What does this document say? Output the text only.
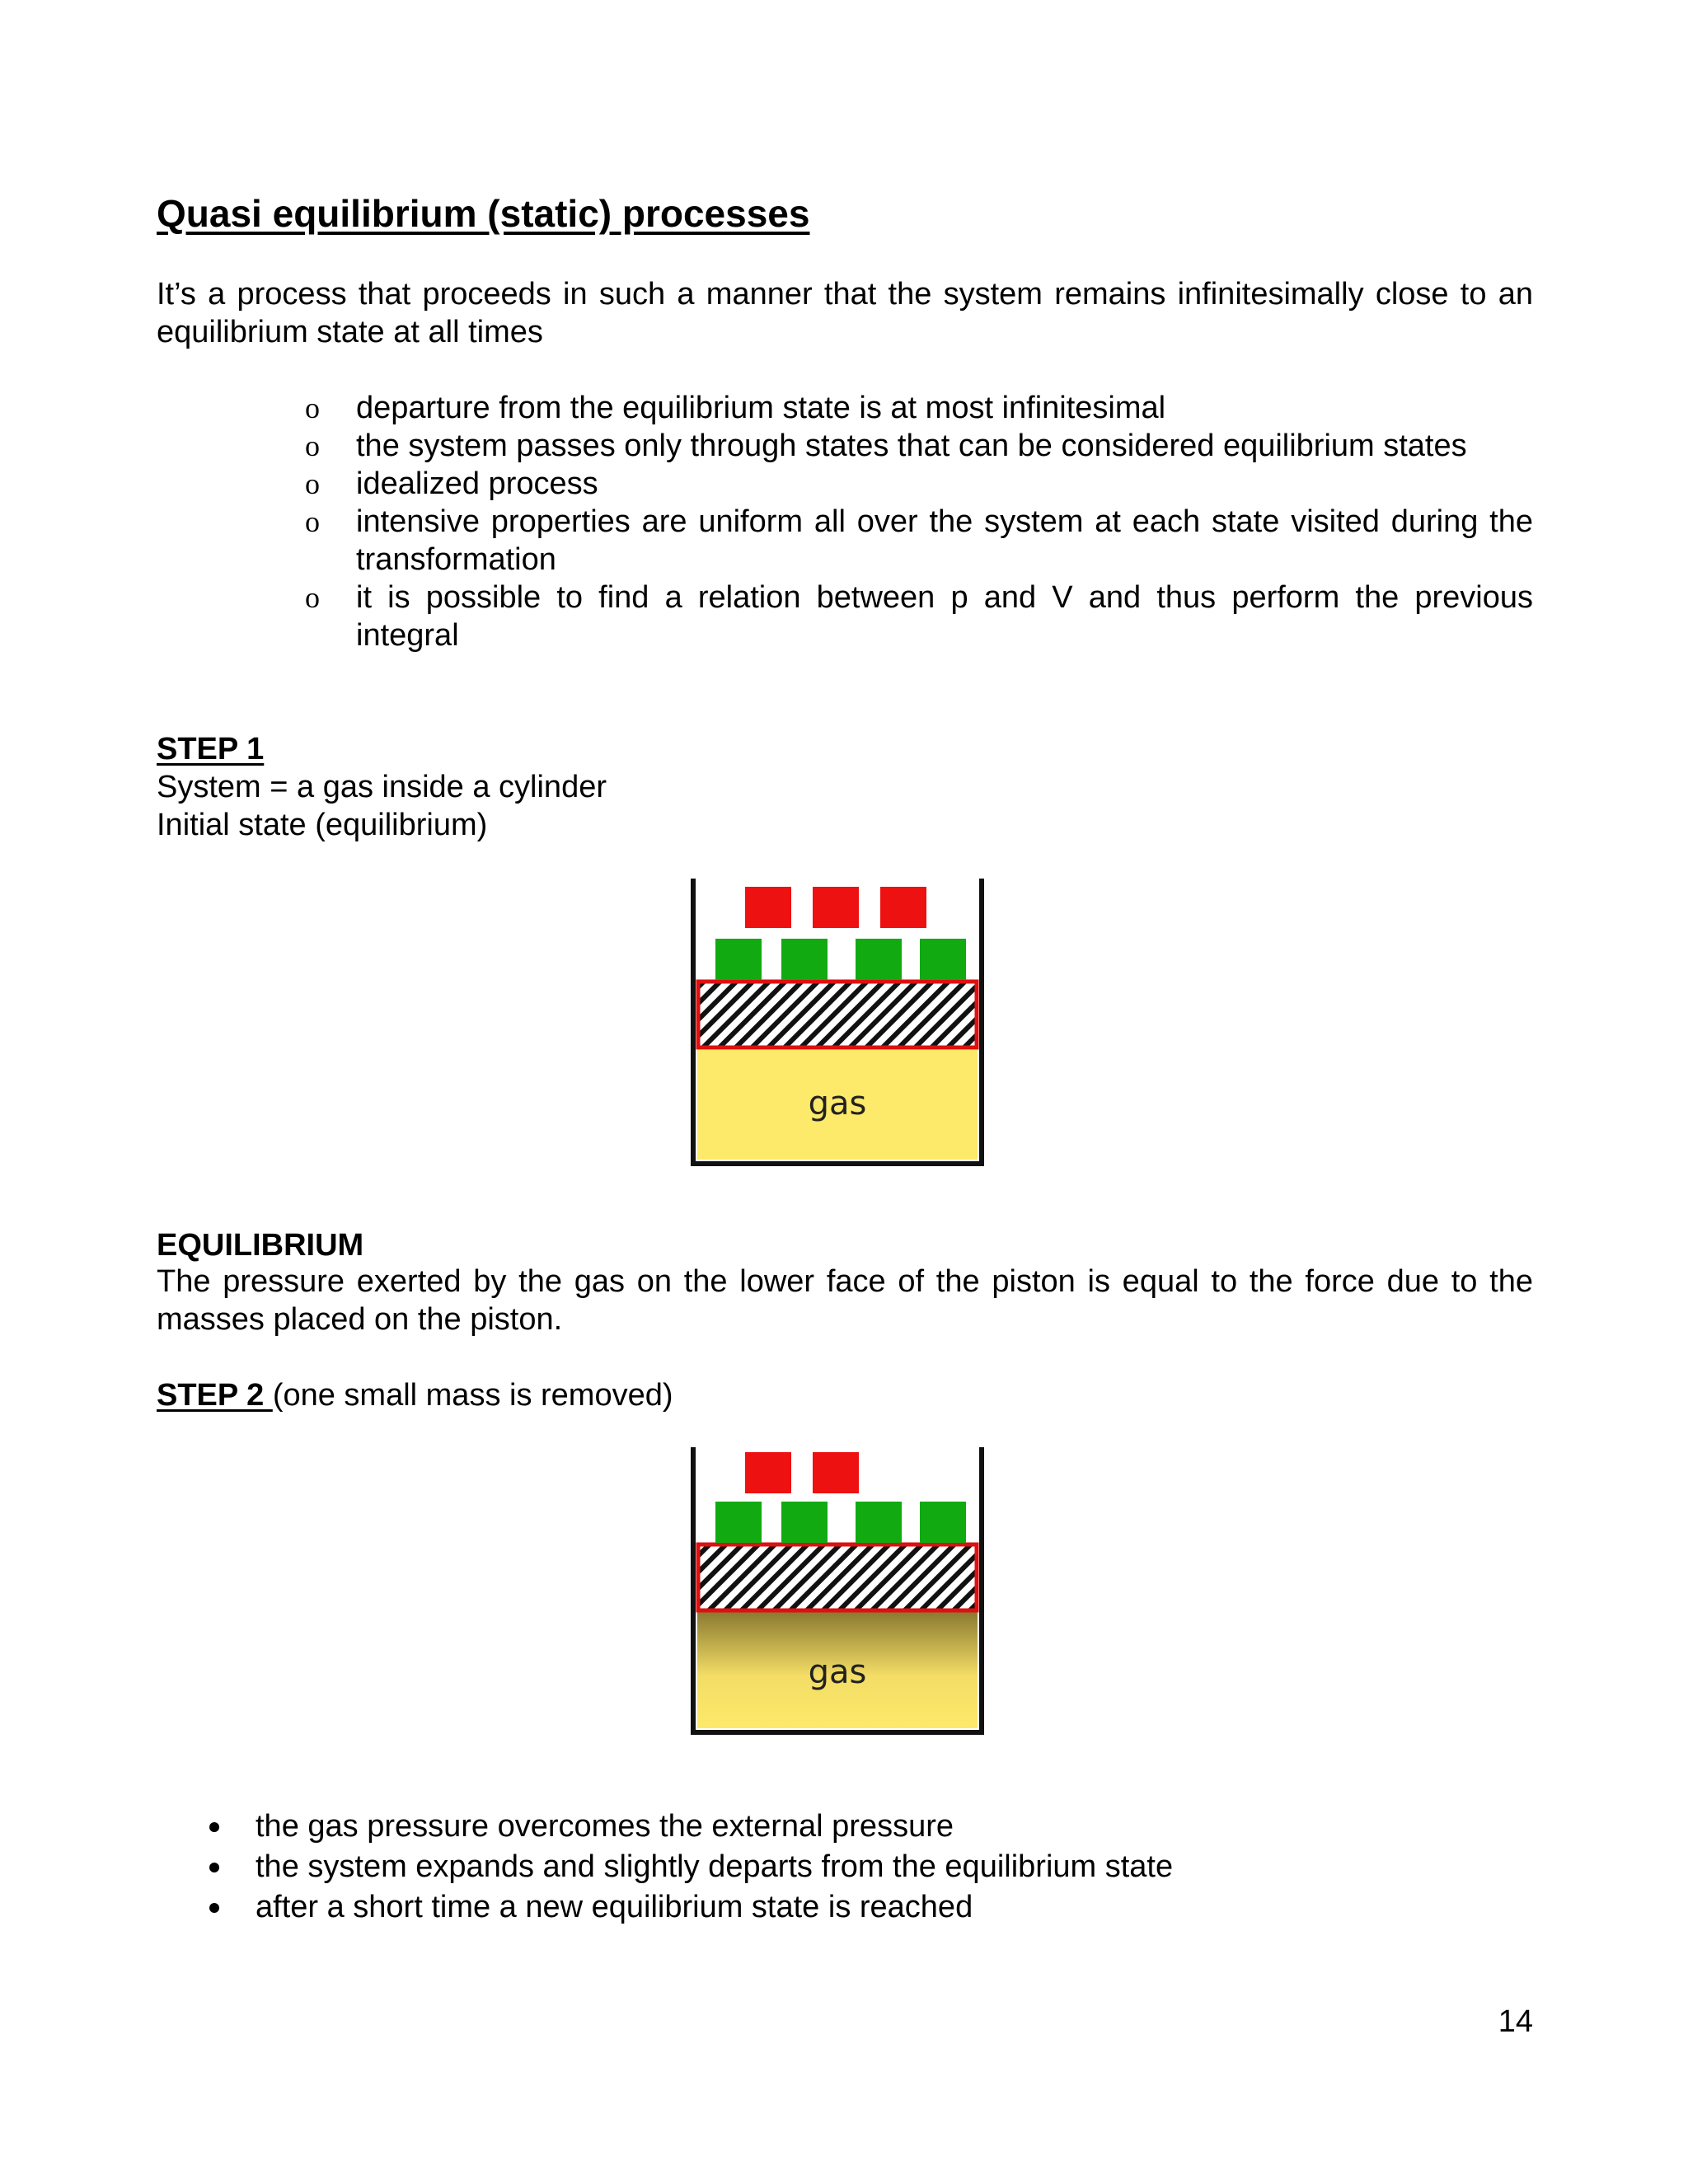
Quasi equilibrium (static) processes

It’s a process that proceeds in such a manner that the system remains infinitesimally close to an equilibrium state at all times

o	departure from the equilibrium state is at most infinitesimal
o	the system passes only through states that can be considered equilibrium states
o	idealized process
o	intensive properties are uniform all over the system at each state visited during the transformation
o	it is possible to find a relation between p and V and thus perform the previous integral
STEP 1
System = a gas inside a cylinder
Initial state (equilibrium)
gas
EQUILIBRIUM

The pressure exerted by the gas on the lower face of the piston is equal to the force due to the masses placed on the piston.

STEP 2 (one small mass is removed)
gas
the gas pressure overcomes the external pressure
the system expands and slightly departs from the equilibrium state
after a short time a new equilibrium state is reached
14
